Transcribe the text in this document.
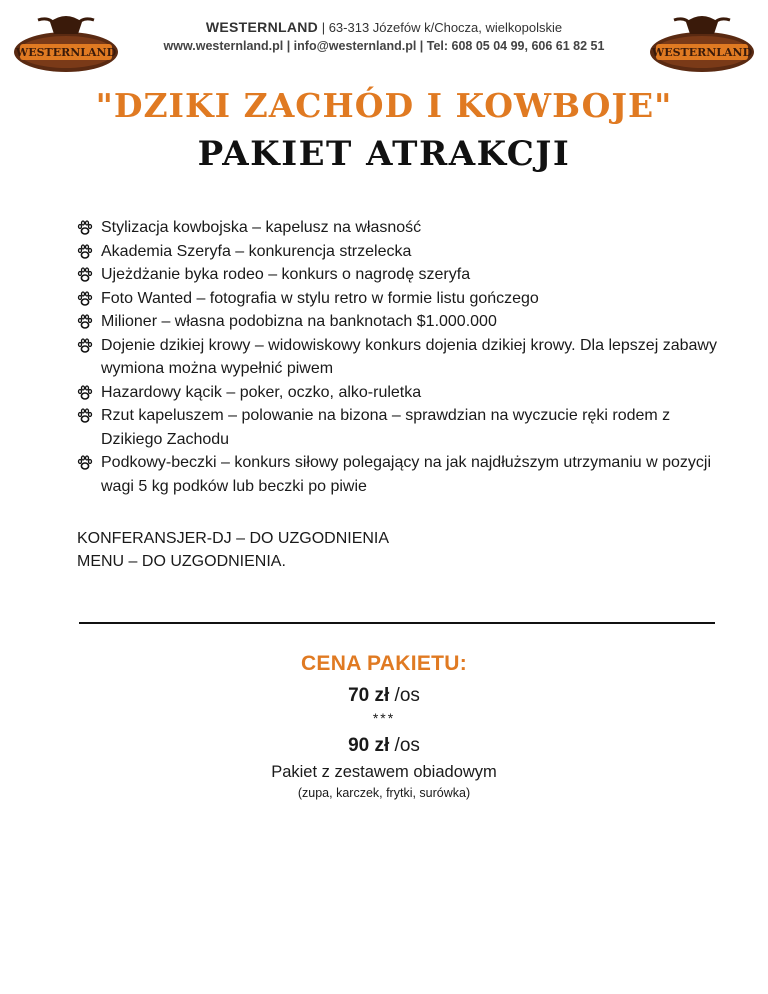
WESTERNLAND	WESTERNLAND
WESTERNLAND | 63-313 Józefów k/Chocza, wielkopolskie
www.westernland.pl | info@westernland.pl | Tel: 608 05 04 99, 606 61 82 51
"DZIKI ZACHÓD I KOWBOJE"
PAKIET ATRAKCJI
Stylizacja kowbojska – kapelusz na własność
Akademia Szeryfa – konkurencja strzelecka
Ujeżdżanie byka rodeo – konkurs o nagrodę szeryfa
Foto Wanted – fotografia w stylu retro w formie listu gończego
Milioner – własna podobizna na banknotach $1.000.000
Dojenie dzikiej krowy – widowiskowy konkurs dojenia dzikiej krowy. Dla lepszej zabawy wymiona można wypełnić piwem
Hazardowy kącik – poker, oczko, alko-ruletka
Rzut kapeluszem – polowanie na bizona – sprawdzian na wyczucie ręki rodem z Dzikiego Zachodu
Podkowy-beczki – konkurs siłowy polegający na jak najdłuższym utrzymaniu w pozycji wagi 5 kg podków lub beczki po piwie
KONFERANSJER-DJ – DO UZGODNIENIA
MENU – DO UZGODNIENIA.
CENA PAKIETU:
70 zł /os
***
90 zł /os
Pakiet z zestawem obiadowym
(zupa, karczek, frytki, surówka)
